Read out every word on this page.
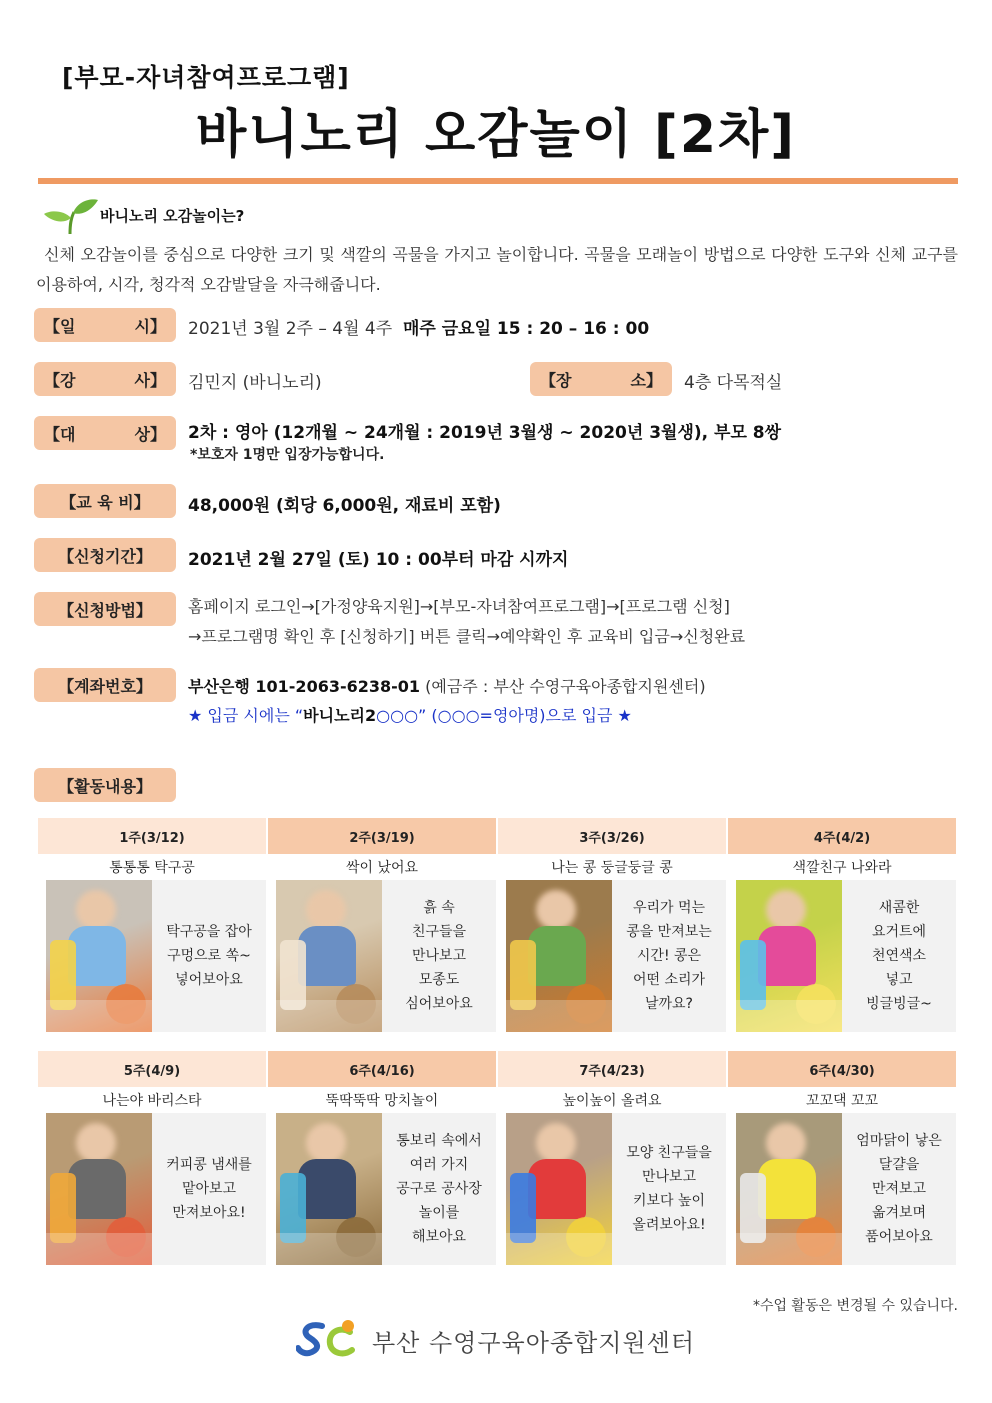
[부모-자녀참여프로그램]
바니노리 오감놀이 [2차]
바니노리 오감놀이는?
신체 오감놀이를 중심으로 다양한 크기 및 색깔의 곡물을 가지고 놀이합니다. 곡물을 모래놀이 방법으로 다양한 도구와 신체 교구를 이용하여, 시각, 청각적 오감발달을 자극해줍니다.
【일	시】 2021년 3월 2주 – 4월 4주 매주 금요일 15 : 20 – 16 : 00
【강	사】 김민지 (바니노리)	【장	소】 4층 다목적실
【대	상】 2차 : 영아 (12개월 ~ 24개월 : 2019년 3월생 ~ 2020년 3월생), 부모 8쌍
*보호자 1명만 입장가능합니다.
【교 육 비】	48,000원 (회당 6,000원, 재료비 포함)
【신청기간】	2021년 2월 27일 (토) 10 : 00부터 마감 시까지
【신청방법】	홈페이지 로그인→[가정양육지원]→[부모-자녀참여프로그램]→[프로그램 신청]
→프로그램명 확인 후 [신청하기] 버튼 클릭→예약확인 후 교육비 입금→신청완료
【계좌번호】	부산은행 101-2063-6238-01 (예금주 : 부산 수영구육아종합지원센터)
★ 입금 시에는 “바니노리2○○○” (○○○=영아명)으로 입금 ★
【활동내용】
1주(3/12)
통통통 탁구공
탁구공을 잡아
구멍으로 쏙~
넣어보아요
2주(3/19)
싹이 났어요
흙 속
친구들을
만나보고
모종도
심어보아요
3주(3/26)
나는 콩 둥글둥글 콩
우리가 먹는
콩을 만져보는
시간! 콩은
어떤 소리가
날까요?
4주(4/2)
색깔친구 나와라
새콤한
요거트에
천연색소
넣고
빙글빙글~
5주(4/9)
나는야 바리스타
커피콩 냄새를
맡아보고
만져보아요!
6주(4/16)
뚝딱뚝딱 망치놀이
통보리 속에서
여러 가지
공구로 공사장
놀이를
해보아요
7주(4/23)
높이높이 올려요
모양 친구들을
만나보고
키보다 높이
올려보아요!
6주(4/30)
꼬꼬댁 꼬꼬
엄마닭이 낳은
달걀을
만져보고
옮겨보며
품어보아요
*수업 활동은 변경될 수 있습니다.
부산 수영구육아종합지원센터
